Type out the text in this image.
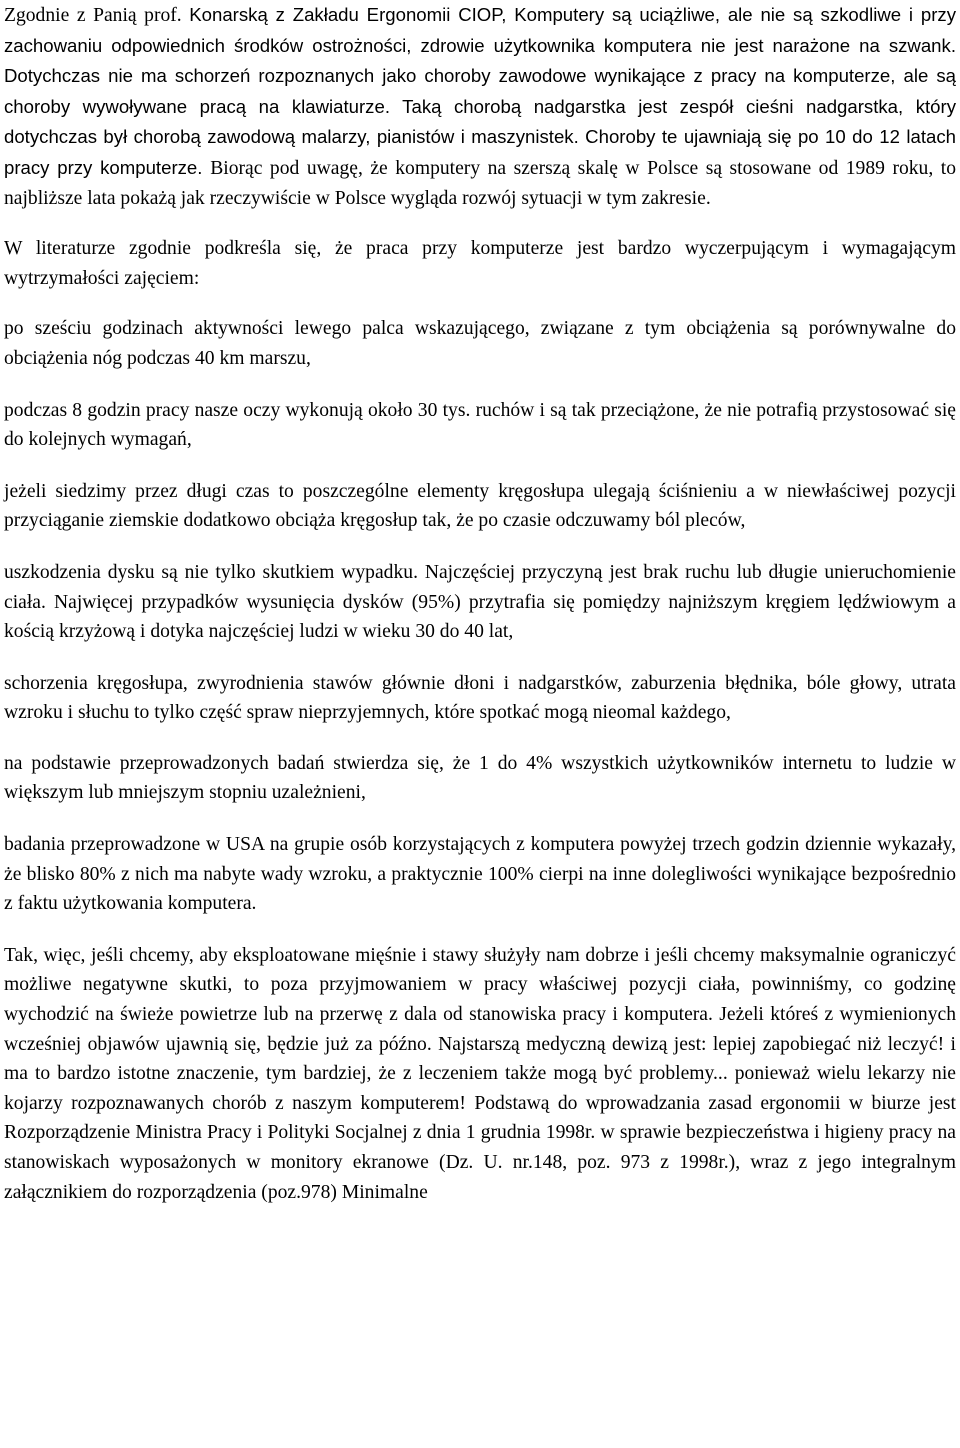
Zgodnie z Panią prof. Konarską z Zakładu Ergonomii CIOP, Komputery są uciążliwe, ale nie są szkodliwe i przy zachowaniu odpowiednich środków ostrożności, zdrowie użytkownika komputera nie jest narażone na szwank. Dotychczas nie ma schorzeń rozpoznanych jako choroby zawodowe wynikające z pracy na komputerze, ale są choroby wywoływane pracą na klawiaturze. Taką chorobą nadgarstka jest zespół cieśni nadgarstka, który dotychczas był chorobą zawodową malarzy, pianistów i maszynistek. Choroby te ujawniają się po 10 do 12 latach pracy przy komputerze. Biorąc pod uwagę, że komputery na szerszą skalę w Polsce są stosowane od 1989 roku, to najbliższe lata pokażą jak rzeczywiście w Polsce wygląda rozwój sytuacji w tym zakresie.

W literaturze zgodnie podkreśla się, że praca przy komputerze jest bardzo wyczerpującym i wymagającym wytrzymałości zajęciem:

po sześciu godzinach aktywności lewego palca wskazującego, związane z tym obciążenia są porównywalne do obciążenia nóg podczas 40 km marszu,

podczas 8 godzin pracy nasze oczy wykonują około 30 tys. ruchów i są tak przeciążone, że nie potrafią przystosować się do kolejnych wymagań,

jeżeli siedzimy przez długi czas to poszczególne elementy kręgosłupa ulegają ściśnieniu a w niewłaściwej pozycji przyciąganie ziemskie dodatkowo obciąża kręgosłup tak, że po czasie odczuwamy ból pleców,

uszkodzenia dysku są nie tylko skutkiem wypadku. Najczęściej przyczyną jest brak ruchu lub długie unieruchomienie ciała. Najwięcej przypadków wysunięcia dysków (95%) przytrafia się pomiędzy najniższym kręgiem lędźwiowym a kością krzyżową i dotyka najczęściej ludzi w wieku 30 do 40 lat,

schorzenia kręgosłupa, zwyrodnienia stawów głównie dłoni i nadgarstków, zaburzenia błędnika, bóle głowy, utrata wzroku i słuchu to tylko część spraw nieprzyjemnych, które spotkać mogą nieomal każdego,

na podstawie przeprowadzonych badań stwierdza się, że 1 do 4% wszystkich użytkowników internetu to ludzie w większym lub mniejszym stopniu uzależnieni,

badania przeprowadzone w USA na grupie osób korzystających z komputera powyżej trzech godzin dziennie wykazały, że blisko 80% z nich ma nabyte wady wzroku, a praktycznie 100% cierpi na inne dolegliwości wynikające bezpośrednio z faktu użytkowania komputera.

Tak, więc, jeśli chcemy, aby eksploatowane mięśnie i stawy służyły nam dobrze i jeśli chcemy maksymalnie ograniczyć możliwe negatywne skutki, to poza przyjmowaniem w pracy właściwej pozycji ciała, powinniśmy, co godzinę wychodzić na świeże powietrze lub na przerwę z dala od stanowiska pracy i komputera. Jeżeli któreś z wymienionych wcześniej objawów ujawnią się, będzie już za późno. Najstarszą medyczną dewizą jest: lepiej zapobiegać niż leczyć! i ma to bardzo istotne znaczenie, tym bardziej, że z leczeniem także mogą być problemy... ponieważ wielu lekarzy nie kojarzy rozpoznawanych chorób z naszym komputerem! Podstawą do wprowadzania zasad ergonomii w biurze jest Rozporządzenie Ministra Pracy i Polityki Socjalnej z dnia 1 grudnia 1998r. w sprawie bezpieczeństwa i higieny pracy na stanowiskach wyposażonych w monitory ekranowe (Dz. U. nr.148, poz. 973 z 1998r.), wraz z jego integralnym załącznikiem do rozporządzenia (poz.978) Minimalne
